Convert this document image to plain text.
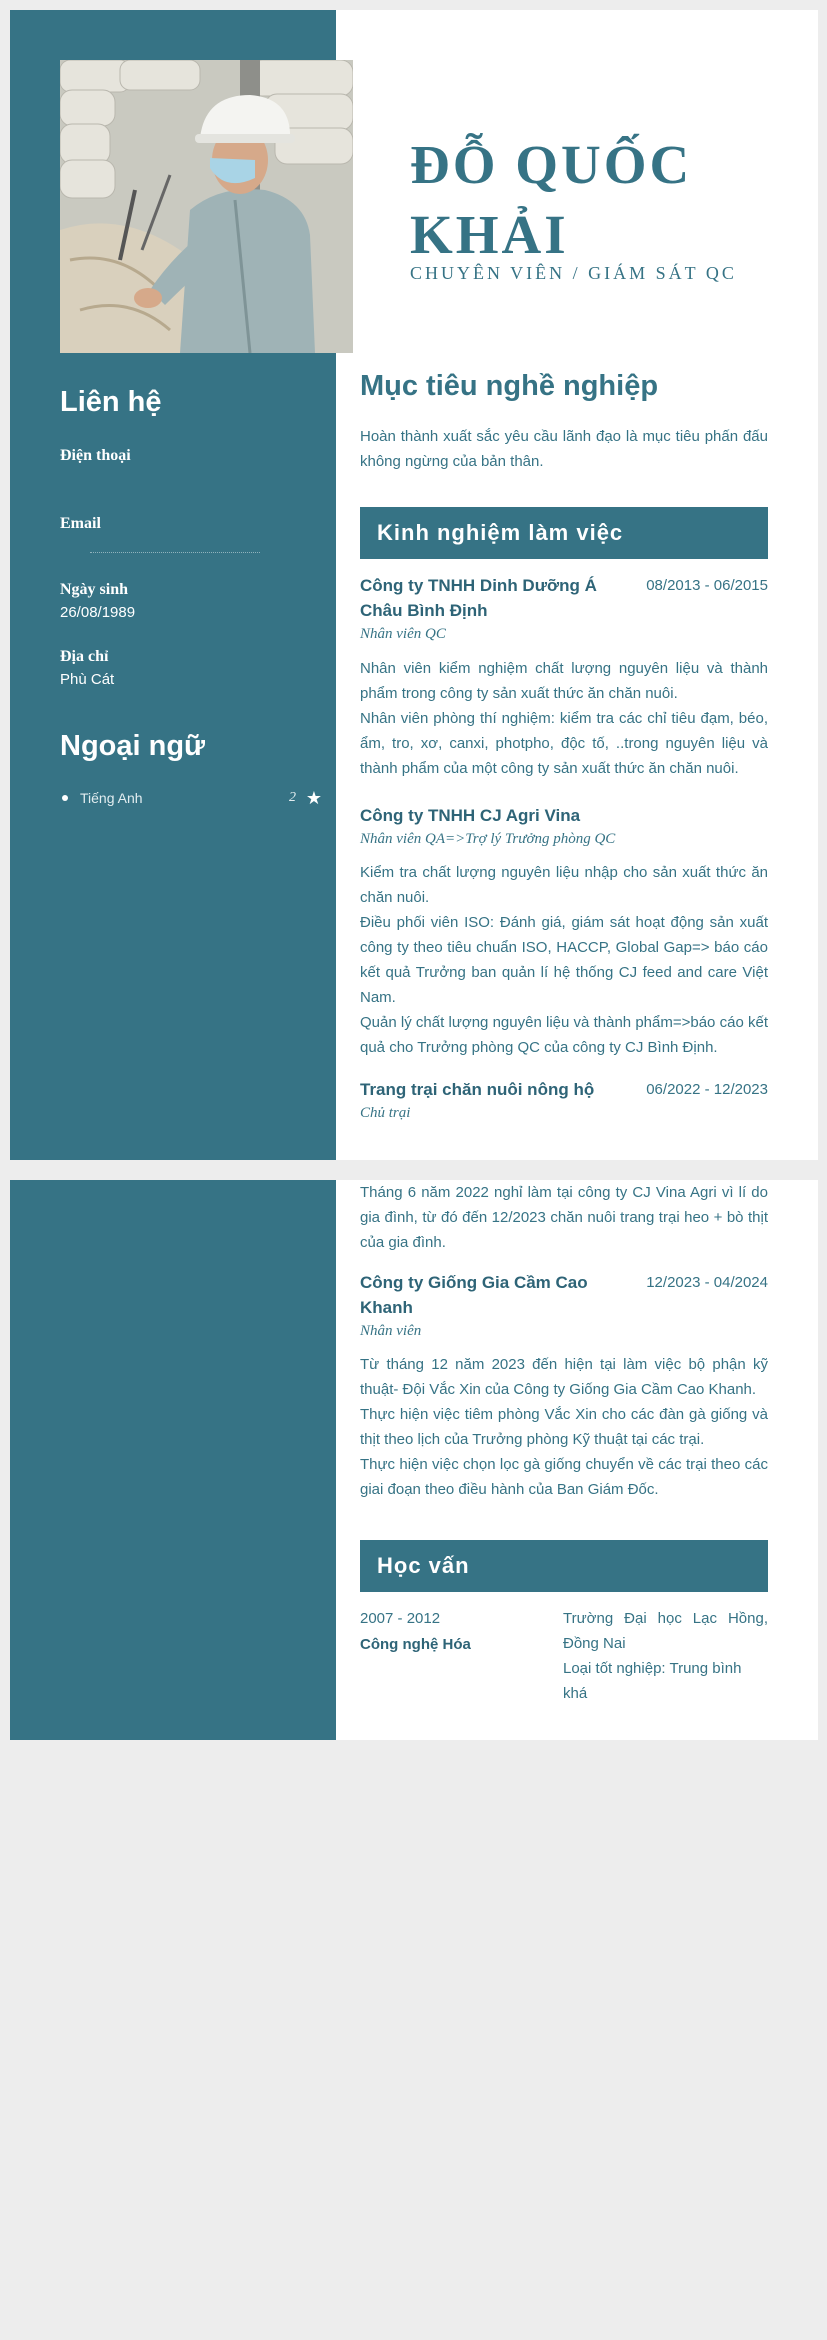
ĐỖ QUỐC KHẢI
CHUYÊN VIÊN / GIÁM SÁT QC
Liên hệ
Điện thoại
Email
Ngày sinh
26/08/1989
Địa chỉ
Phù Cát
Ngoại ngữ
Tiếng Anh	2 ★
Mục tiêu nghề nghiệp
Hoàn thành xuất sắc yêu cầu lãnh đạo là mục tiêu phấn đấu không ngừng của bản thân.
Kinh nghiệm làm việc
Công ty TNHH Dinh Dưỡng Á Châu Bình Định
08/2013 - 06/2015
Nhân viên QC
Nhân viên kiểm nghiệm chất lượng nguyên liệu và thành phẩm trong công ty sản xuất thức ăn chăn nuôi.
Nhân viên phòng thí nghiệm: kiểm tra các chỉ tiêu đạm, béo, ẩm, tro, xơ, canxi, photpho, độc tố, ..trong nguyên liệu và thành phẩm của một công ty sản xuất thức ăn chăn nuôi.
Công ty TNHH CJ Agri Vina
Nhân viên QA=>Trợ lý Trưởng phòng QC
Kiểm tra chất lượng nguyên liệu nhập cho sản xuất thức ăn chăn nuôi.
Điều phối viên ISO: Đánh giá, giám sát hoạt động sản xuất công ty theo tiêu chuẩn ISO, HACCP, Global Gap=> báo cáo kết quả Trưởng ban quản lí hệ thống CJ feed and care Việt Nam.
Quản lý chất lượng nguyên liệu và thành phẩm=>báo cáo kết quả cho Trưởng phòng QC của công ty CJ Bình Định.
Trang trại chăn nuôi nông hộ	06/2022 - 12/2023
Chủ trại
Tháng 6 năm 2022 nghỉ làm tại công ty CJ Vina Agri vì lí do gia đình, từ đó đến 12/2023 chăn nuôi trang trại heo + bò thịt của gia đình.
Công ty Giống Gia Cầm Cao Khanh
12/2023 - 04/2024
Nhân viên
Từ tháng 12 năm 2023 đến hiện tại làm việc bộ phận kỹ thuật- Đội Vắc Xin của Công ty Giống Gia Cầm Cao Khanh.
Thực hiện việc tiêm phòng Vắc Xin cho các đàn gà giống và thịt theo lịch của Trưởng phòng Kỹ thuật tại các trại.
Thực hiện việc chọn lọc gà giống chuyển về các trại theo các giai đoạn theo điều hành của Ban Giám Đốc.
Học vấn
2007 - 2012
Công nghệ Hóa
Trường Đại học Lạc Hồng, Đồng Nai
Loại tốt nghiệp: Trung bình khá
